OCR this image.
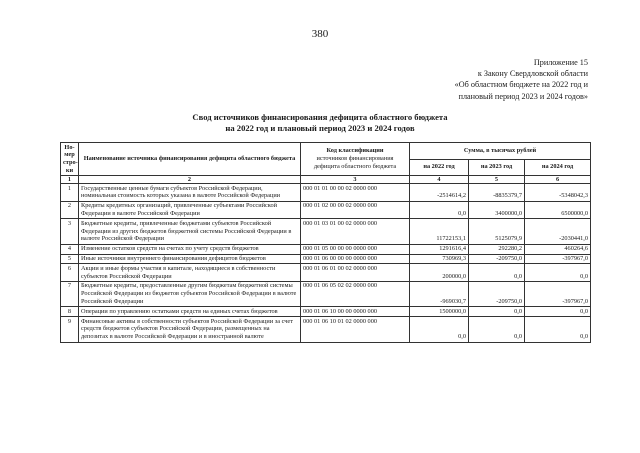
380
Приложение 15
к Закону Свердловской области
«Об областном бюджете на 2022 год и
плановый период 2023 и 2024 годов»
Свод источников финансирования дефицита областного бюджета
на 2022 год и плановый период 2023 и 2024 годов
Но-мер стро-ки	Наименование источника финансирования дефицита областного бюджета	Код классификации
источников финансирования дефицита областного бюджета	Сумма, в тысячах рублей		
			на 2022 год	на 2023 год	на 2024 год
1	2	3	4	5	6
1	Государственные ценные бумаги субъектов Российской Федерации, номинальная стоимость которых указана в валюте Российской Федерации	000 01 01 00 00 02 0000 000	-2514614,2	-8835379,7	-5348042,3
2	Кредиты кредитных организаций, привлеченные субъектами Российской Федерации в валюте Российской Федерации	000 01 02 00 00 02 0000 000	0,0	3400000,0	6500000,0
3	Бюджетные кредиты, привлеченные бюджетами субъектов Российской Федерации из других бюджетов бюджетной системы Российской Федерации в валюте Российской Федерации	000 01 03 01 00 02 0000 000	11722153,1	5125079,9	-2030441,0
4	Изменение остатков средств на счетах по учету средств бюджетов	000 01 05 00 00 00 0000 000	1291616,4	292280,2	460264,6
5	Иные источники внутреннего финансирования дефицитов бюджетов	000 01 06 00 00 00 0000 000	730969,3	-209750,0	-397967,0
6	Акции и иные формы участия в капитале, находящиеся в собственности субъектов Российской Федерации	000 01 06 01 00 02 0000 000	200000,0	0,0	0,0
7	Бюджетные кредиты, предоставленные другим бюджетам бюджетной системы Российской Федерации из бюджетов субъектов Российской Федерации в валюте Российской Федерации	000 01 06 05 02 02 0000 000	-969030,7	-209750,0	-397967,0
8	Операции по управлению остатками средств на единых счетах бюджетов	000 01 06 10 00 00 0000 000	1500000,0	0,0	0,0
9	Финансовые активы в собственности субъектов Российской Федерации за счет средств бюджетов субъектов Российской Федерации, размещенных на депозитах в валюте Российской Федерации и в иностранной валюте	000 01 06 10 01 02 0000 000	0,0	0,0	0,0
